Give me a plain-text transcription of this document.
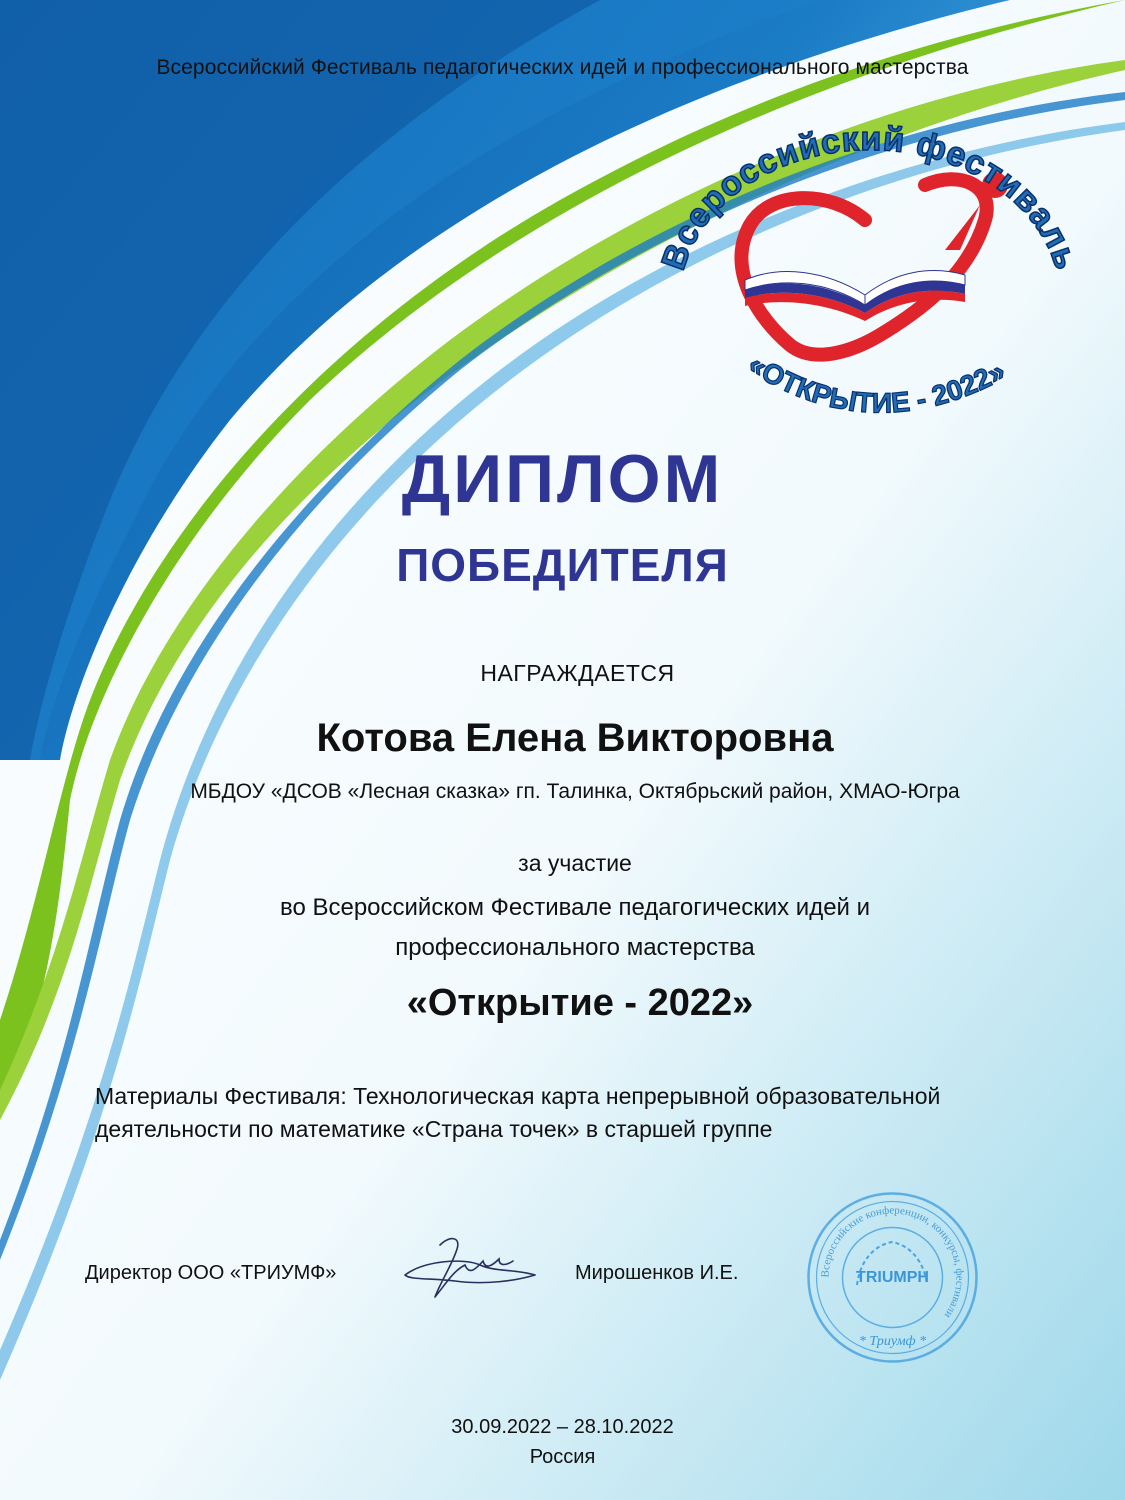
Всероссийский Фестиваль педагогических идей и профессионального мастерства
Всероссийский фестиваль
«ОТКРЫТИЕ - 2022»
ДИПЛОМ
ПОБЕДИТЕЛЯ
НАГРАЖДАЕТСЯ
Котова Елена Викторовна
МБДОУ «ДСОВ «Лесная сказка» гп. Талинка, Октябрьский район, ХМАО-Югра
за участие
во Всероссийском Фестивале педагогических идей и
профессионального мастерства
«Открытие - 2022»
Материалы Фестиваля: Технологическая карта непрерывной образовательной деятельности по математике «Страна точек» в старшей группе
Директор ООО «ТРИУМФ»	Мирошенков И.Е.	Всероссийские конференции, конкурсы, фестивали
TRIUMPH
* Триумф *
30.09.2022 – 28.10.2022
Россия
